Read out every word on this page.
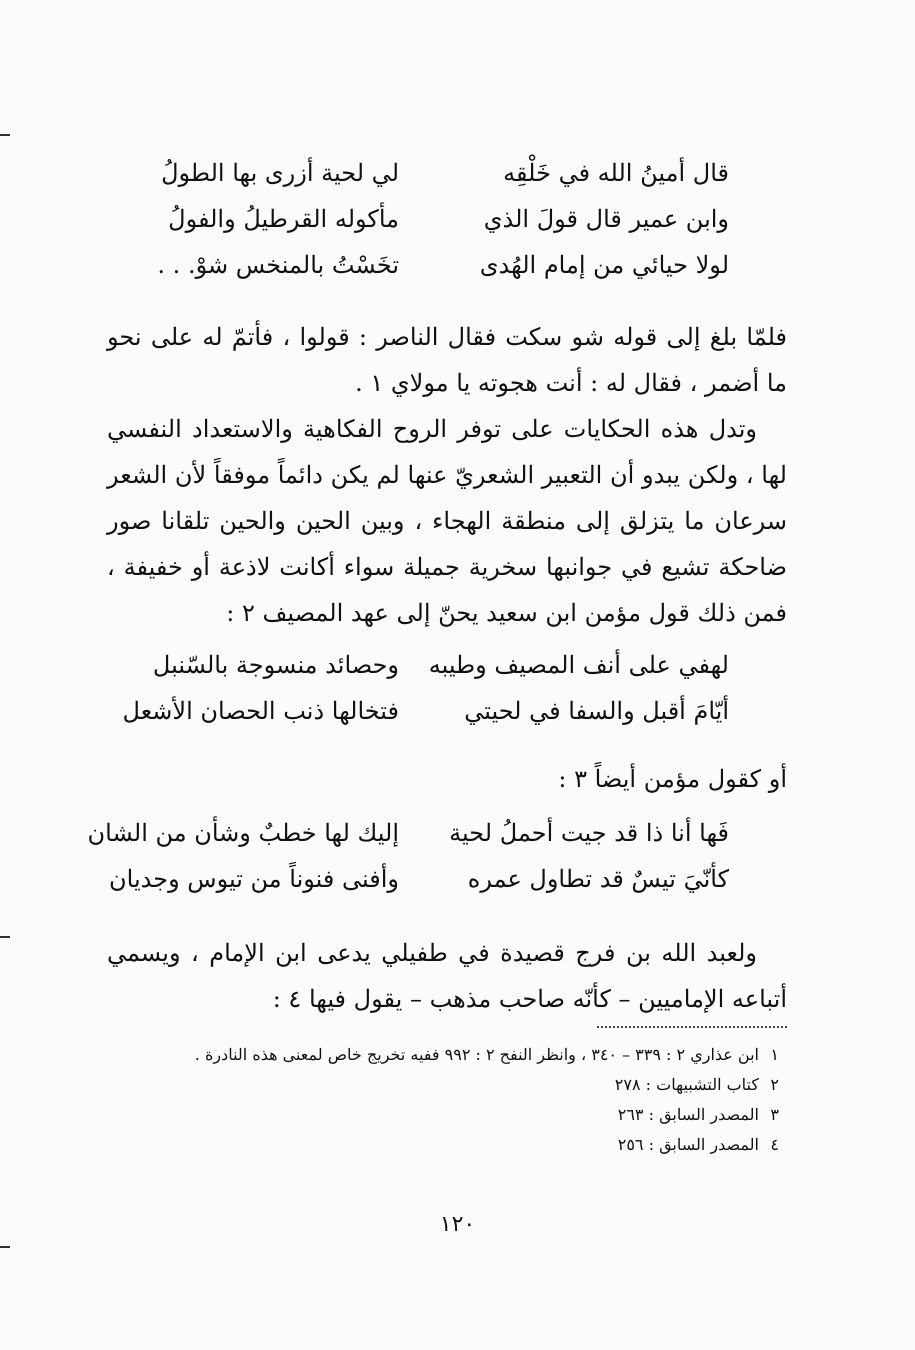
قال أمينُ الله في خَلْقِه
لي لحية أزرى بها الطولُ
وابن عمير قال قولَ الذي
مأكوله القرطيلُ والفولُ
لولا حيائي من إمام الهُدى
تخَسْتُ بالمنخس شوْ. . .

فلمّا بلغ إلى قوله شو سكت فقال الناصر : قولوا ، فأتمّ له على نحو ما أضمر ، فقال له : أنت هجوته يا مولاي ١ .

وتدل هذه الحكايات على توفر الروح الفكاهية والاستعداد النفسي لها ، ولكن يبدو أن التعبير الشعريّ عنها لم يكن دائماً موفقاً لأن الشعر سرعان ما يتزلق إلى منطقة الهجاء ، وبين الحين والحين تلقانا صور ضاحكة تشيع في جوانبها سخرية جميلة سواء أكانت لاذعة أو خفيفة ، فمن ذلك قول مؤمن ابن سعيد يحنّ إلى عهد المصيف ٢ :

لهفي على أنف المصيف وطيبه
وحصائد منسوجة بالسّنبل
أيّامَ أقبل والسفا في لحيتي
فتخالها ذنب الحصان الأشعل

أو كقول مؤمن أيضاً ٣ :

فَها أنا ذا قد جيت أحملُ لحية
إليك لها خطبٌ وشأن من الشان
كأنّيَ تيسٌ قد تطاول عمره
وأفنى فنوناً من تيوس وجديان

ولعبد الله بن فرج قصيدة في طفيلي يدعى ابن الإمام ، ويسمي أتباعه الإماميين – كأنّه صاحب مذهب – يقول فيها ٤ :

١
ابن عذاري ٢ : ٣٣٩ – ٣٤٠ ، وانظر النفح ٢ : ٩٩٢ ففيه تخريج خاص لمعنى هذه النادرة .
٢
كتاب التشبيهات : ٢٧٨
٣
المصدر السابق : ٢٦٣
٤
المصدر السابق : ٢٥٦
١٢٠
